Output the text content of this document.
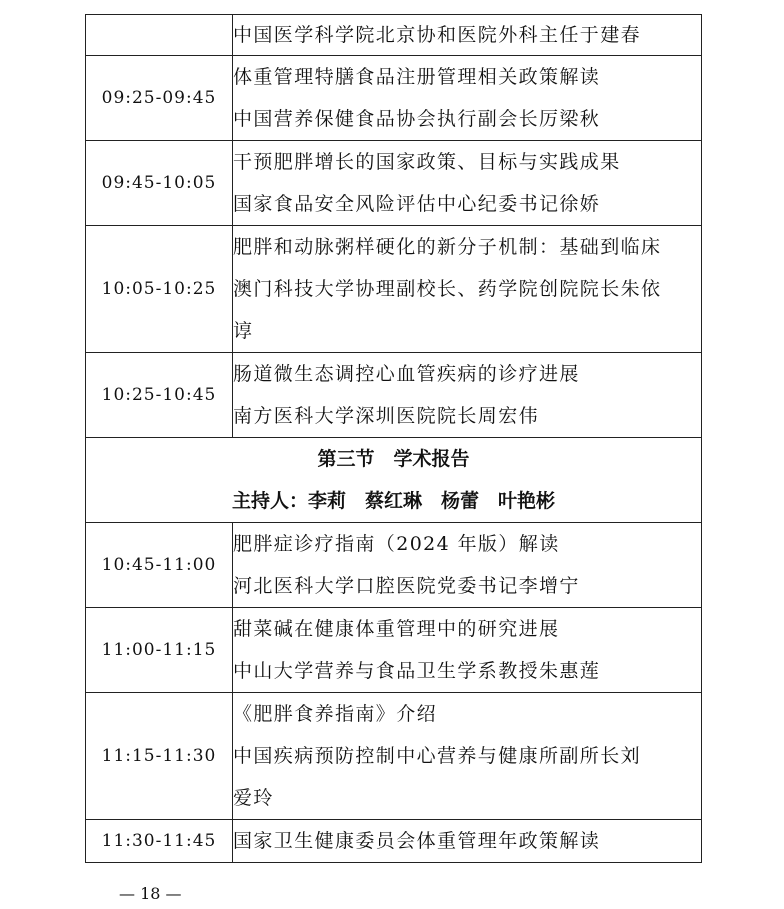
	中国医学科学院北京协和医院外科主任于建春

09:25-09:45	体重管理特膳食品注册管理相关政策解读
中国营养保健食品协会执行副会长厉梁秋

09:45-10:05	干预肥胖增长的国家政策、目标与实践成果
国家食品安全风险评估中心纪委书记徐娇

10:05-10:25	肥胖和动脉粥样硬化的新分子机制：基础到临床
澳门科技大学协理副校长、药学院创院院长朱依
谆

10:25-10:45	肠道微生态调控心血管疾病的诊疗进展
南方医科大学深圳医院院长周宏伟

第三节　学术报告
主持人：李莉　蔡红琳　杨蕾　叶艳彬	

10:45-11:00	肥胖症诊疗指南（2024 年版）解读
河北医科大学口腔医院党委书记李增宁

11:00-11:15	甜菜碱在健康体重管理中的研究进展
中山大学营养与食品卫生学系教授朱惠莲

11:15-11:30	《肥胖食养指南》介绍
中国疾病预防控制中心营养与健康所副所长刘
爱玲

11:30-11:45	国家卫生健康委员会体重管理年政策解读
— 18 —
